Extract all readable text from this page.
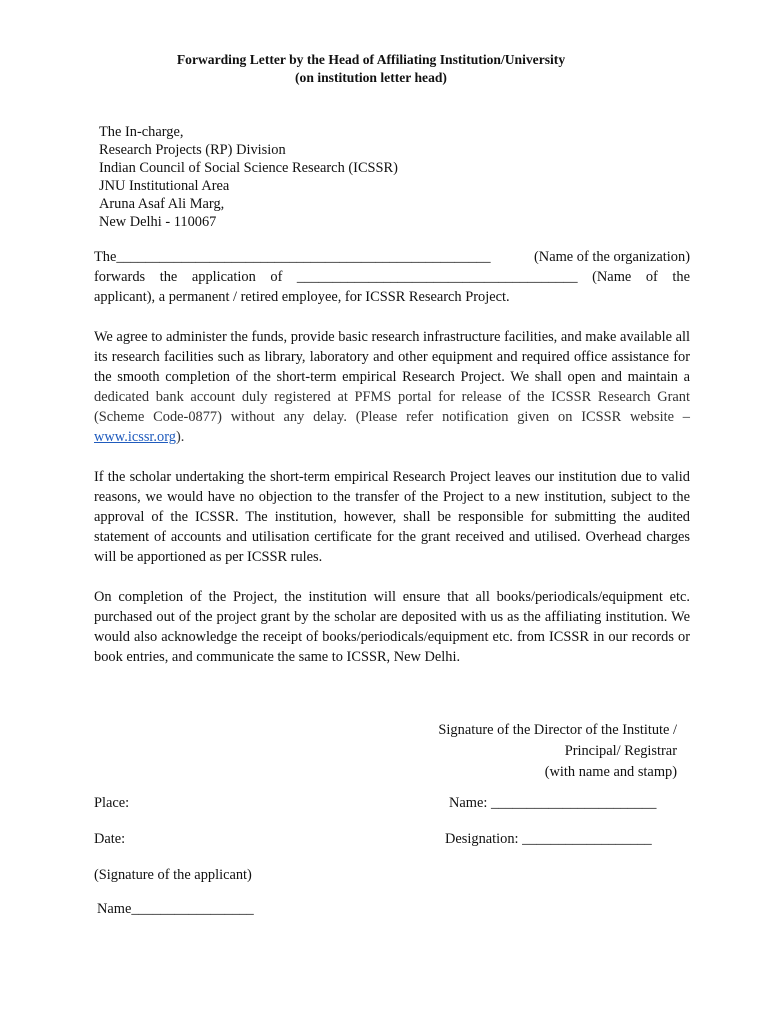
Forwarding Letter by the Head of Affiliating Institution/University
(on institution letter head)
The In-charge,
Research Projects (RP) Division
Indian Council of Social Science Research (ICSSR)
JNU Institutional Area
Aruna Asaf Ali Marg,
New Delhi - 110067
The ____________________________________________________	(Name of the organization)
forwards the application of _______________________________________ (Name of the
applicant), a permanent / retired employee, for ICSSR Research Project.
We agree to administer the funds, provide basic research infrastructure facilities, and make available all its research facilities such as library, laboratory and other equipment and required office assistance for the smooth completion of the short-term empirical Research Project. We shall open and maintain a dedicated bank account duly registered at PFMS portal for release of the ICSSR Research Grant (Scheme Code-0877) without any delay. (Please refer notification given on ICSSR website – www.icssr.org).
If the scholar undertaking the short-term empirical Research Project leaves our institution due to valid reasons, we would have no objection to the transfer of the Project to a new institution, subject to the approval of the ICSSR. The institution, however, shall be responsible for submitting the audited statement of accounts and utilisation certificate for the grant received and utilised. Overhead charges will be apportioned as per ICSSR rules.
On completion of the Project, the institution will ensure that all books/periodicals/equipment etc. purchased out of the project grant by the scholar are deposited with us as the affiliating institution. We would also acknowledge the receipt of books/periodicals/equipment etc. from ICSSR in our records or book entries, and communicate the same to ICSSR, New Delhi.
Signature of the Director of the Institute /
Principal/ Registrar
(with name and stamp)
Place:	Name: _______________________
Date:	Designation: __________________
(Signature of the applicant)
Name_________________
